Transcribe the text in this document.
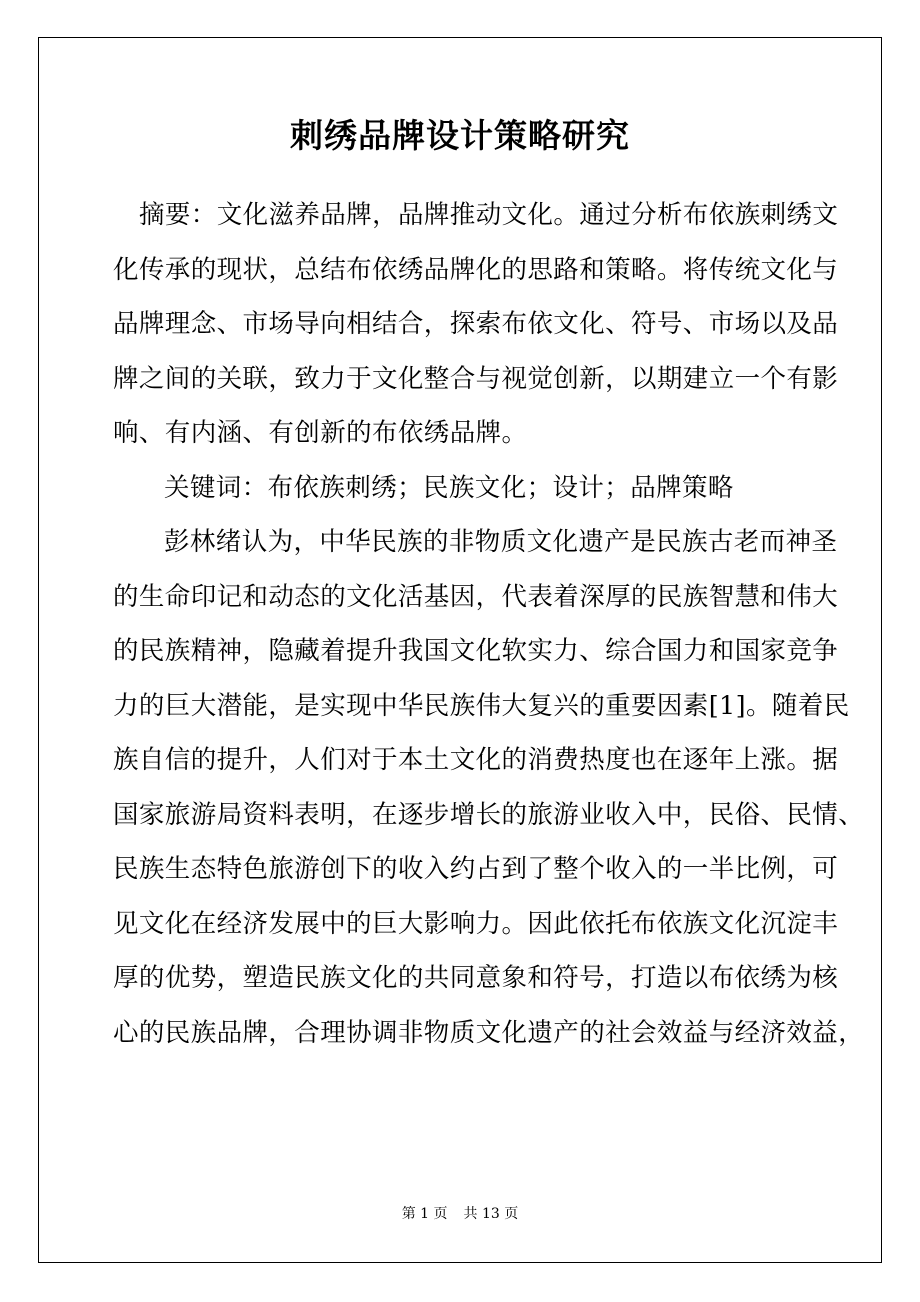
刺绣品牌设计策略研究
摘要：文化滋养品牌，品牌推动文化。通过分析布依族刺绣文
化传承的现状，总结布依绣品牌化的思路和策略。将传统文化与
品牌理念、市场导向相结合，探索布依文化、符号、市场以及品
牌之间的关联，致力于文化整合与视觉创新，以期建立一个有影
响、有内涵、有创新的布依绣品牌。
关键词：布依族刺绣；民族文化；设计；品牌策略
彭林绪认为，中华民族的非物质文化遗产是民族古老而神圣
的生命印记和动态的文化活基因，代表着深厚的民族智慧和伟大
的民族精神，隐藏着提升我国文化软实力、综合国力和国家竞争
力的巨大潜能，是实现中华民族伟大复兴的重要因素[1]。随着民
族自信的提升，人们对于本土文化的消费热度也在逐年上涨。据
国家旅游局资料表明，在逐步增长的旅游业收入中，民俗、民情、
民族生态特色旅游创下的收入约占到了整个收入的一半比例，可
见文化在经济发展中的巨大影响力。因此依托布依族文化沉淀丰
厚的优势，塑造民族文化的共同意象和符号，打造以布依绣为核
心的民族品牌，合理协调非物质文化遗产的社会效益与经济效益，
第 1 页 共 13 页
